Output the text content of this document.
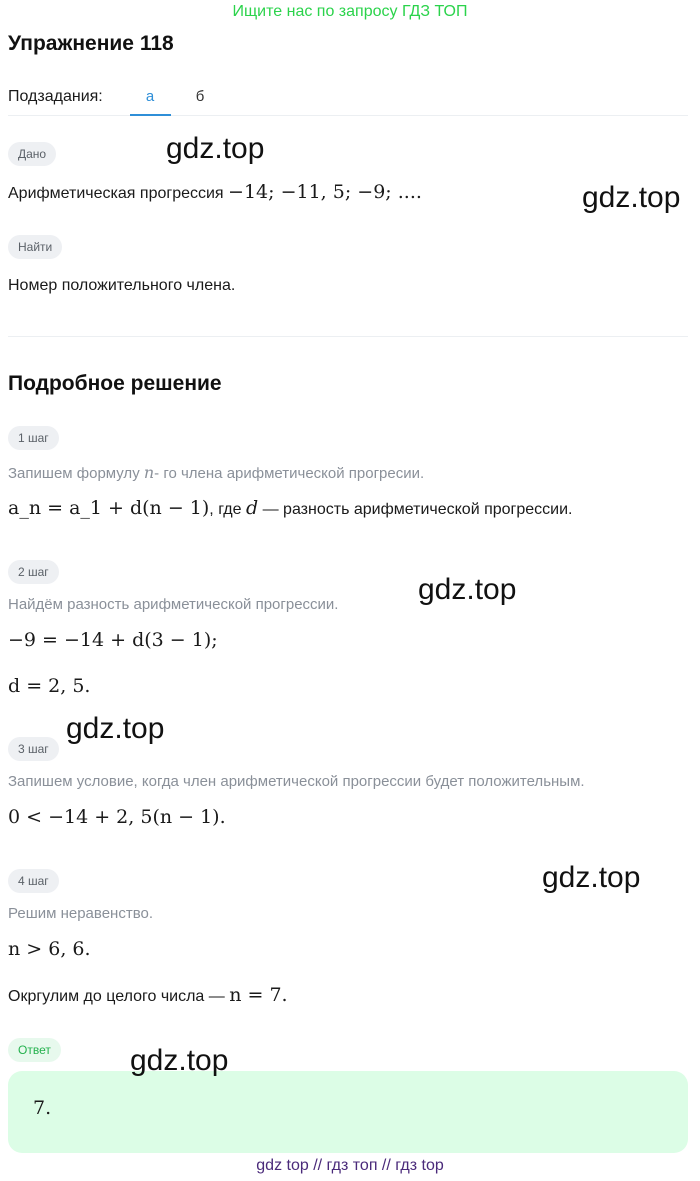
Ищите нас по запросу ГДЗ ТОП
Упражнение 118
Подзадания:	а	б
Дано
Арифметическая прогрессия −14; −11, 5; −9; ....
Найти
Номер положительного члена.
Подробное решение
1 шаг
Запишем формулу n- го члена арифметической прогресии.
a_n = a_1 + d(n − 1), где d — разность арифметической прогрессии.
2 шаг
Найдём разность арифметической прогрессии.
−9 = −14 + d(3 − 1);
d = 2, 5.
3 шаг
Запишем условие, когда член арифметической прогрессии будет положительным.
0 < −14 + 2, 5(n − 1).
4 шаг
Решим неравенство.
n > 6, 6.
Окргулим до целого числа — n = 7.
Ответ
7.
gdz.top
gdz.top
gdz.top
gdz.top
gdz.top
gdz.top
gdz top // гдз топ // гдз top
